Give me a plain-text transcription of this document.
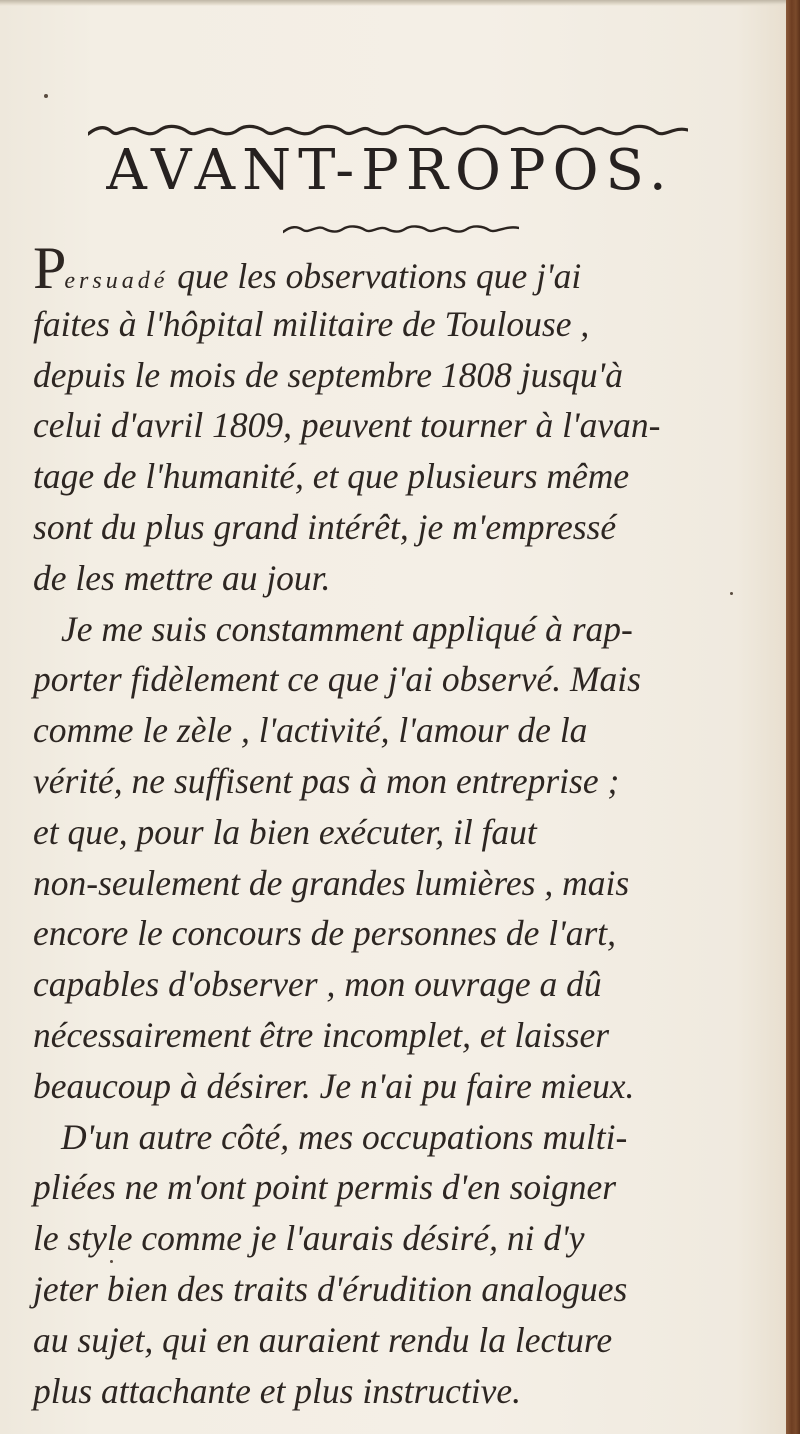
AVANT-PROPOS.
Persuadé que les observations que j'ai
faites à l'hôpital militaire de Toulouse ,
depuis le mois de septembre 1808 jusqu'à
celui d'avril 1809, peuvent tourner à l'avan-
tage de l'humanité, et que plusieurs même
sont du plus grand intérêt, je m'empressé
de les mettre au jour.
Je me suis constamment appliqué à rap-
porter fidèlement ce que j'ai observé. Mais
comme le zèle , l'activité, l'amour de la
vérité, ne suffisent pas à mon entreprise ;
et que, pour la bien exécuter, il faut
non-seulement de grandes lumières , mais
encore le concours de personnes de l'art,
capables d'observer , mon ouvrage a dû
nécessairement être incomplet, et laisser
beaucoup à désirer. Je n'ai pu faire mieux.
D'un autre côté, mes occupations multi-
pliées ne m'ont point permis d'en soigner
le style comme je l'aurais désiré, ni d'y
jeter bien des traits d'érudition analogues
au sujet, qui en auraient rendu la lecture
plus attachante et plus instructive.
